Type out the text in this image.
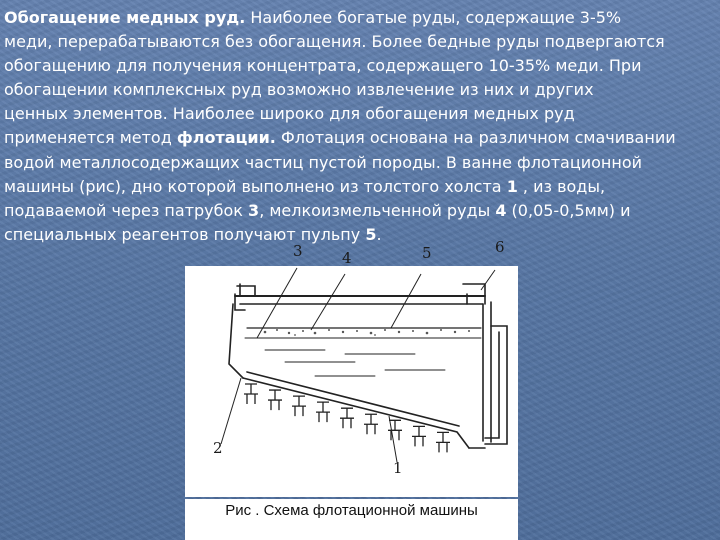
Обогащение медных руд. Наиболее богатые руды, содержащие 3-5%
меди, перерабатываются без обогащения. Более бедные руды подвергаются
обогащению для получения концентрата, содержащего 10-35% меди. При
обогащении комплексных руд возможно извлечение из них и других
ценных элементов. Наиболее широко для обогащения медных руд
применяется метод флотации. Флотация основана на различном смачивании
водой металлосодержащих частиц пустой породы. В ванне флотационной
машины (рис), дно которой выполнено из толстого холста 1 , из воды,
подаваемой через патрубок 3, мелкоизмельченной руды 4 (0,05-0,5мм) и
специальных реагентов получают пульпу 5.
3	4	5	6
2
1

Рис . Схема флотационной машины
